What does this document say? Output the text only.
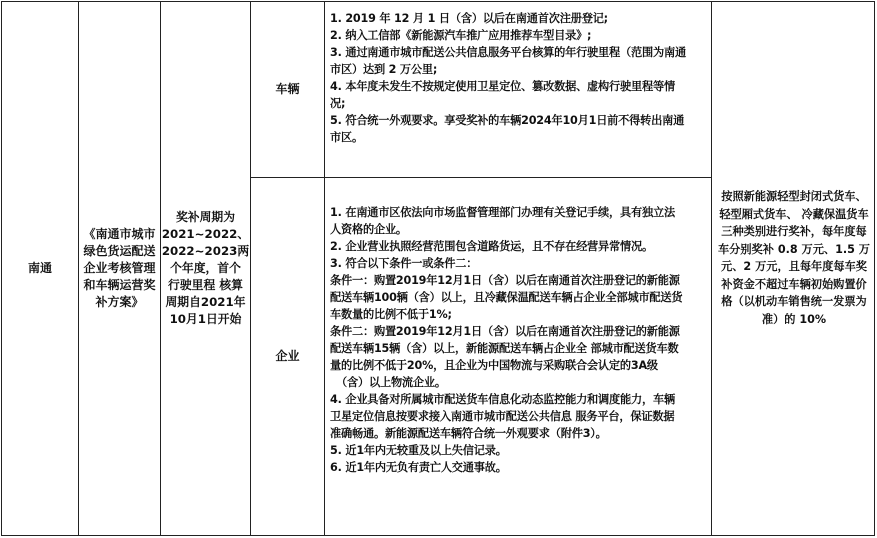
南通
《南通市城市
绿色货运配送
企业考核管理
和车辆运营奖
补方案》
奖补周期为
2021~2022、
2022~2023两
个年度，首个
行驶里程 核算
周期自2021年
10月1日开始
车辆

1. 2019 年 12 月 1 日（含）以后在南通首次注册登记;

2. 纳入工信部《新能源汽车推广应用推荐车型目录》;

3. 通过南通市城市配送公共信息服务平台核算的年行驶里程（范围为南通

市区）达到 2 万公里;

4. 本年度未发生不按规定使用卫星定位、篡改数据、虚构行驶里程等情

况;

5. 符合统一外观要求。享受奖补的车辆2024年10月1日前不得转出南通

市区。

企业

1. 在南通市区依法向市场监督管理部门办理有关登记手续，具有独立法

人资格的企业。

2. 企业营业执照经营范围包含道路货运，且不存在经营异常情况。

3. 符合以下条件一或条件二：

条件一：购置2019年12月1日（含）以后在南通首次注册登记的新能源

配送车辆100辆（含）以上，且冷藏保温配送车辆占企业全部城市配送货

车数量的比例不低于1%;

条件二：购置2019年12月1日（含）以后在南通首次注册登记的新能源

配送车辆15辆（含）以上，新能源配送车辆占企业全 部城市配送货车数

量的比例不低于20%，且企业为中国物流与采购联合会认定的3A级

（含）以上物流企业。

4. 企业具备对所属城市配送货车信息化动态监控能力和调度能力，车辆

卫星定位信息按要求接入南通市城市配送公共信息 服务平台，保证数据

准确畅通。新能源配送车辆符合统一外观要求（附件3）。

5. 近1年内无较重及以上失信记录。

6. 近1年内无负有责亡人交通事故。

按照新能源轻型封闭式货车、
轻型厢式货车、 冷藏保温货车
三种类别进行奖补，每年度每
车分别奖补 0.8 万元、1.5 万
元、2 万元，且每年度每车奖
补资金不超过车辆初始购置价
格（以机动车销售统一发票为
准）的 10%
